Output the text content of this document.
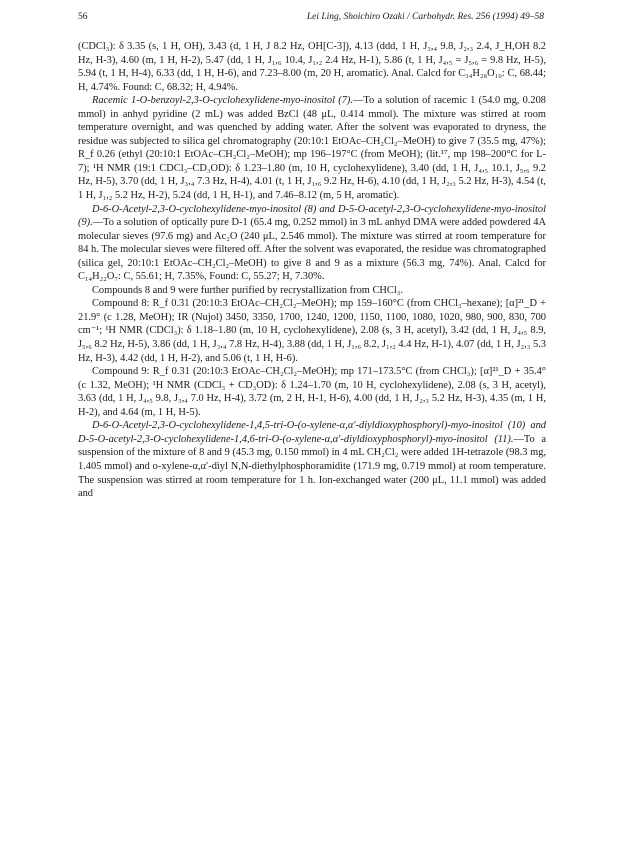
56	Lei Ling, Shoichiro Ozaki / Carbohydr. Res. 256 (1994) 49–58

(CDCl₃): δ 3.35 (s, 1 H, OH), 3.43 (d, 1 H, J 8.2 Hz, OH[C-3]), 4.13 (ddd, 1 H, J₃,₄ 9.8, J₂,₃ 2.4, J_H,OH 8.2 Hz, H-3), 4.60 (m, 1 H, H-2), 5.47 (dd, 1 H, J₁,₆ 10.4, J₁,₂ 2.4 Hz, H-1), 5.86 (t, 1 H, J₄,₅ = J₅,₆ = 9.8 Hz, H-5), 5.94 (t, 1 H, H-4), 6.33 (dd, 1 H, H-6), and 7.23–8.00 (m, 20 H, aromatic). Anal. Calcd for C₃₄H₂₈O₁₀: C, 68.44; H, 4.74%. Found: C, 68.32; H, 4.94%.

Racemic 1-O-benzoyl-2,3-O-cyclohexylidene-myo-inositol (7).—To a solution of racemic 1 (54.0 mg, 0.208 mmol) in anhyd pyridine (2 mL) was added BzCl (48 μL, 0.414 mmol). The mixture was stirred at room temperature overnight, and was quenched by adding water. After the solvent was evaporated to dryness, the residue was subjected to silica gel chromatography (20:10:1 EtOAc–CH₂Cl₂–MeOH) to give 7 (35.5 mg, 47%); R_f 0.26 (ethyl (20:10:1 EtOAc–CH₂Cl₂–MeOH); mp 196–197°C (from MeOH); (lit.¹⁷, mp 198–200°C for L-7); ¹H NMR (19:1 CDCl₃–CD₃OD): δ 1.23–1.80 (m, 10 H, cyclohexylidene), 3.40 (dd, 1 H, J₄,₅ 10.1, J₅,₆ 9.2 Hz, H-5), 3.70 (dd, 1 H, J₃,₄ 7.3 Hz, H-4), 4.01 (t, 1 H, J₁,₆ 9.2 Hz, H-6), 4.10 (dd, 1 H, J₂,₃ 5.2 Hz, H-3), 4.54 (t, 1 H, J₁,₂ 5.2 Hz, H-2), 5.24 (dd, 1 H, H-1), and 7.46–8.12 (m, 5 H, aromatic).

D-6-O-Acetyl-2,3-O-cyclohexylidene-myo-inositol (8) and D-5-O-acetyl-2,3-O-cyclohexylidene-myo-inositol (9).—To a solution of optically pure D-1 (65.4 mg, 0.252 mmol) in 3 mL anhyd DMA were added powdered 4A molecular sieves (97.6 mg) and Ac₂O (240 μL, 2.546 mmol). The mixture was stirred at room temperature for 84 h. The molecular sieves were filtered off. After the solvent was evaporated, the residue was chromatographed (silica gel, 20:10:1 EtOAc–CH₂Cl₂–MeOH) to give 8 and 9 as a mixture (56.3 mg, 74%). Anal. Calcd for C₁₄H₂₂O₇: C, 55.61; H, 7.35%, Found: C, 55.27; H, 7.30%.

Compounds 8 and 9 were further purified by recrystallization from CHCl₃.

Compound 8: R_f 0.31 (20:10:3 EtOAc–CH₂Cl₂–MeOH); mp 159–160°C (from CHCl₃–hexane); [α]²¹_D + 21.9° (c 1.28, MeOH); IR (Nujol) 3450, 3350, 1700, 1240, 1200, 1150, 1100, 1080, 1020, 980, 900, 830, 700 cm⁻¹; ¹H NMR (CDCl₃): δ 1.18–1.80 (m, 10 H, cyclohexylidene), 2.08 (s, 3 H, acetyl), 3.42 (dd, 1 H, J₄,₅ 8.9, J₅,₆ 8.2 Hz, H-5), 3.86 (dd, 1 H, J₃,₄ 7.8 Hz, H-4), 3.88 (dd, 1 H, J₁,₆ 8.2, J₁,₂ 4.4 Hz, H-1), 4.07 (dd, 1 H, J₂,₃ 5.3 Hz, H-3), 4.42 (dd, 1 H, H-2), and 5.06 (t, 1 H, H-6).

Compound 9: R_f 0.31 (20:10:3 EtOAc–CH₂Cl₂–MeOH); mp 171–173.5°C (from CHCl₃); [α]²¹_D + 35.4° (c 1.32, MeOH); ¹H NMR (CDCl₃ + CD₃OD): δ 1.24–1.70 (m, 10 H, cyclohexylidene), 2.08 (s, 3 H, acetyl), 3.63 (dd, 1 H, J₄,₅ 9.8, J₃,₄ 7.0 Hz, H-4), 3.72 (m, 2 H, H-1, H-6), 4.00 (dd, 1 H, J₂,₃ 5.2 Hz, H-3), 4.35 (m, 1 H, H-2), and 4.64 (m, 1 H, H-5).

D-6-O-Acetyl-2,3-O-cyclohexylidene-1,4,5-tri-O-(o-xylene-α,α′-diyldioxyphosphoryl)-myo-inositol (10) and D-5-O-acetyl-2,3-O-cyclohexylidene-1,4,6-tri-O-(o-xylene-α,α′-diyldioxyphosphoryl)-myo-inositol (11).—To a suspension of the mixture of 8 and 9 (45.3 mg, 0.150 mmol) in 4 mL CH₂Cl₂ were added 1H-tetrazole (98.3 mg, 1.405 mmol) and o-xylene-α,α′-diyl N,N-diethylphosphoramidite (171.9 mg, 0.719 mmol) at room temperature. The suspension was stirred at room temperature for 1 h. Ion-exchanged water (200 μL, 11.1 mmol) was added and
